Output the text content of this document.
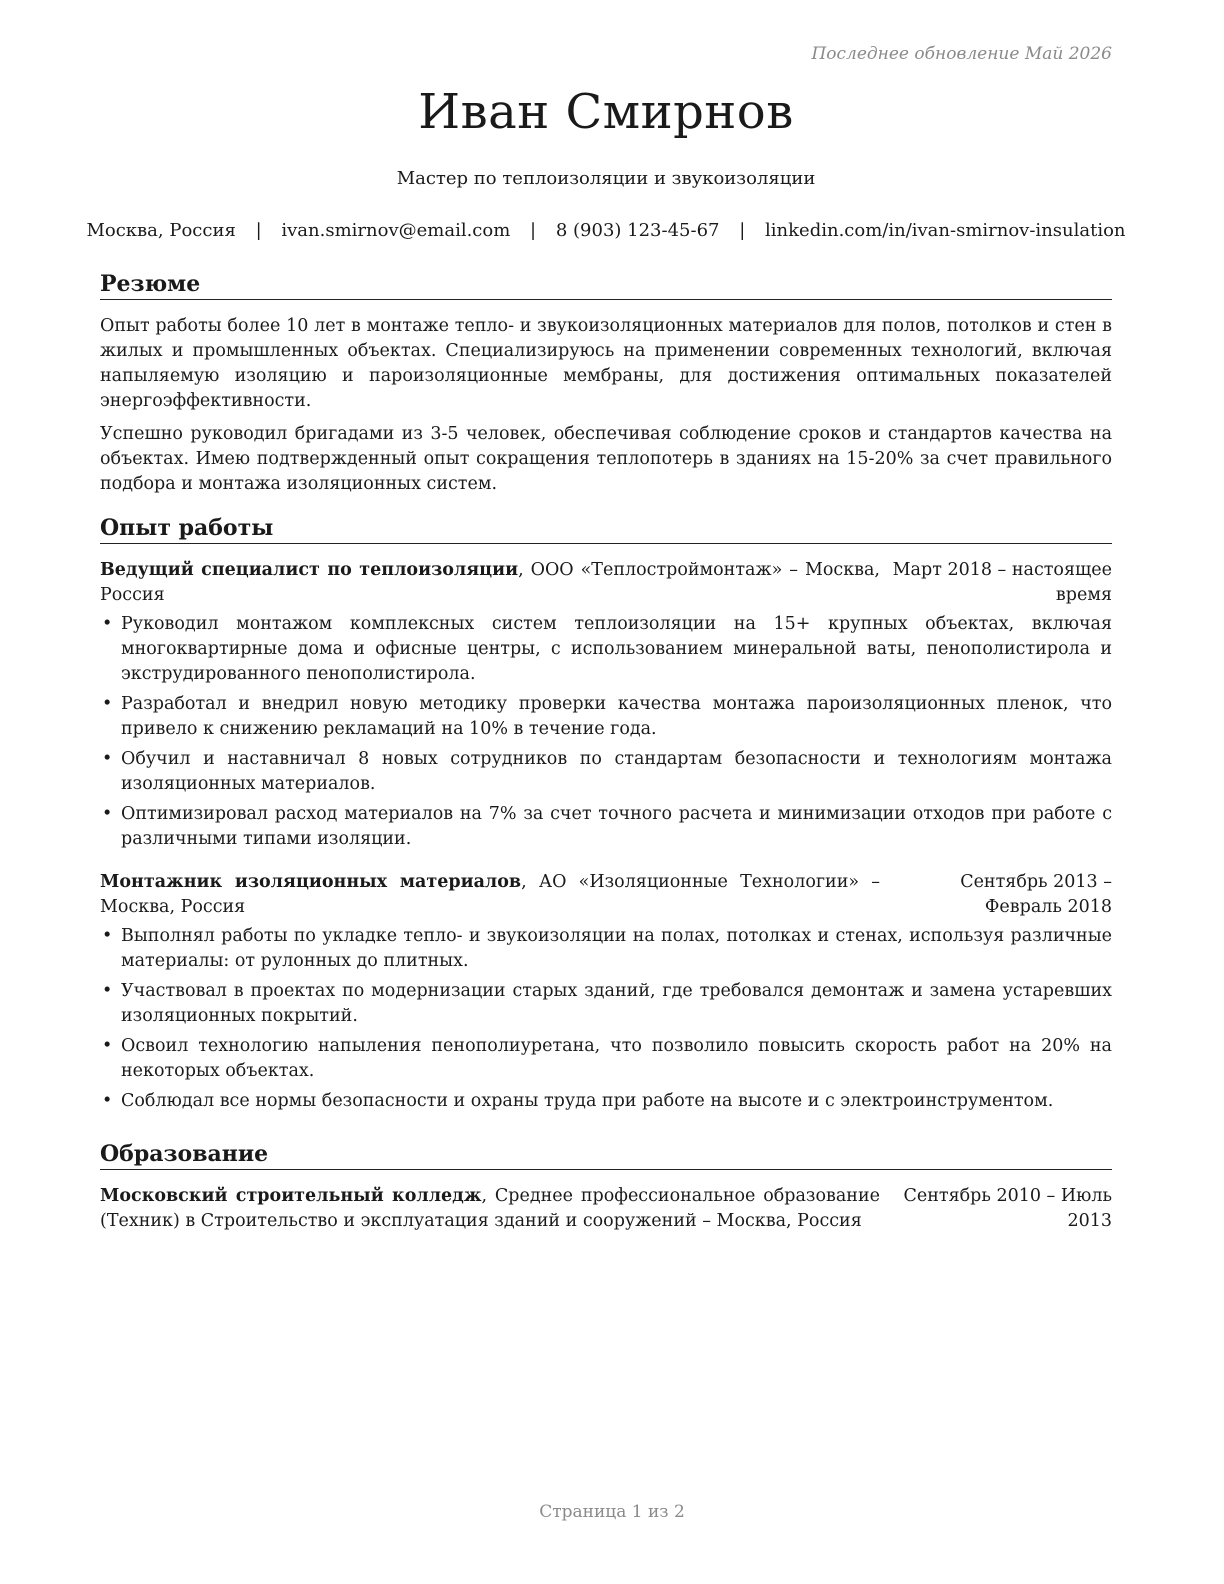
Последнее обновление Май 2026
Иван Смирнов
Мастер по теплоизоляции и звукоизоляции
Москва, Россия | ivan.smirnov@email.com | 8 (903) 123-45-67 | linkedin.com/in/ivan-smirnov-insulation
Резюме

Опыт работы более 10 лет в монтаже тепло- и звукоизоляционных материалов для полов, потолков и стен в жилых и промышленных объектах. Специализируюсь на применении современных технологий, включая напыляемую изоляцию и пароизоляционные мембраны, для достижения оптимальных показателей энергоэффективности.

Успешно руководил бригадами из 3-5 человек, обеспечивая соблюдение сроков и стандартов качества на объектах. Имею подтвержденный опыт сокращения теплопотерь в зданиях на 15-20% за счет правильного подбора и монтажа изоляционных систем.

Опыт работы
Ведущий специалист по теплоизоляции, ООО «Теплостроймонтаж» – Москва, Россия
Март 2018 – настоящее время
• Руководил монтажом комплексных систем теплоизоляции на 15+ крупных объектах, включая многоквартирные дома и офисные центры, с использованием минеральной ваты, пенополистирола и экструдированного пенополистирола.
• Разработал и внедрил новую методику проверки качества монтажа пароизоляционных пленок, что привело к снижению рекламаций на 10% в течение года.
• Обучил и наставничал 8 новых сотрудников по стандартам безопасности и технологиям монтажа изоляционных материалов.
• Оптимизировал расход материалов на 7% за счет точного расчета и минимизации отходов при работе с различными типами изоляции.
Монтажник изоляционных материалов, АО «Изоляционные Технологии» – Москва, Россия
Сентябрь 2013 – Февраль 2018
• Выполнял работы по укладке тепло- и звукоизоляции на полах, потолках и стенах, используя различные материалы: от рулонных до плитных.
• Участвовал в проектах по модернизации старых зданий, где требовался демонтаж и замена устаревших изоляционных покрытий.
• Освоил технологию напыления пенополиуретана, что позволило повысить скорость работ на 20% на некоторых объектах.
• Соблюдал все нормы безопасности и охраны труда при работе на высоте и с электроинструментом.
Образование
Московский строительный колледж, Среднее профессиональное образование (Техник) в Строительство и эксплуатация зданий и сооружений – Москва, Россия
Сентябрь 2010 – Июль 2013
Страница 1 из 2
